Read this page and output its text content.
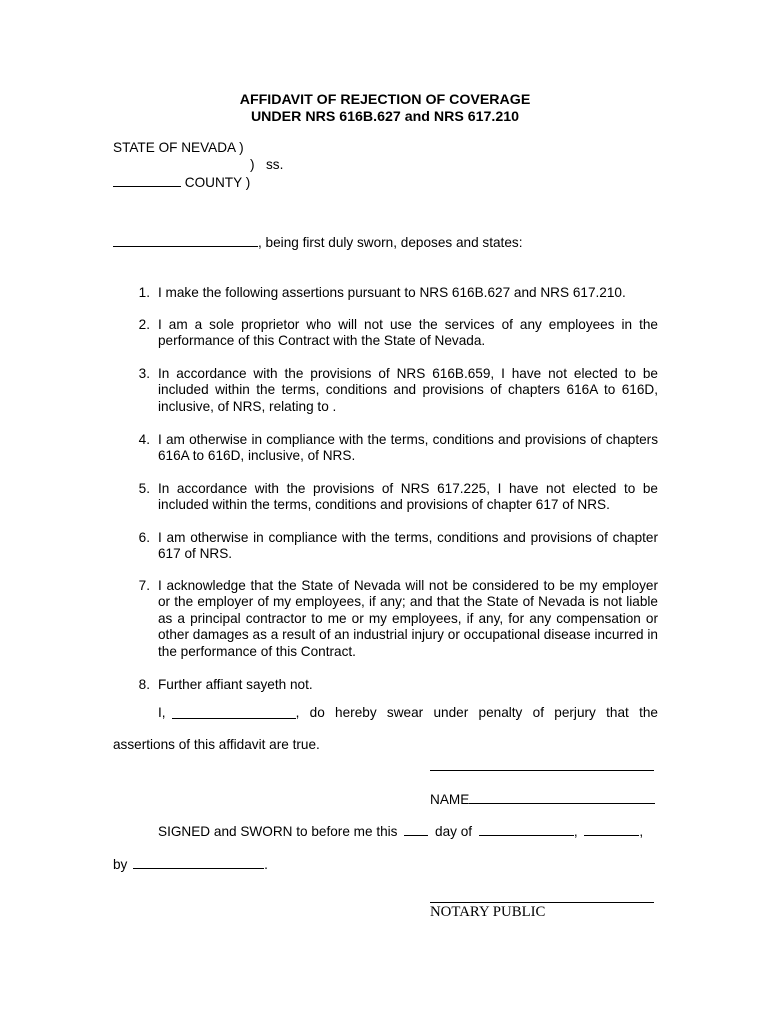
AFFIDAVIT OF REJECTION OF COVERAGE
UNDER NRS 616B.627 and NRS 617.210
STATE OF NEVADA )
) ss.
COUNTY )
, being first duly sworn, deposes and states:
1. I make the following assertions pursuant to NRS 616B.627 and NRS 617.210.
2. I am a sole proprietor who will not use the services of any employees in the performance of this Contract with the State of Nevada.
3. In accordance with the provisions of NRS 616B.659, I have not elected to be included within the terms, conditions and provisions of chapters 616A to 616D, inclusive, of NRS, relating to .
4. I am otherwise in compliance with the terms, conditions and provisions of chapters 616A to 616D, inclusive, of NRS.
5. In accordance with the provisions of NRS 617.225, I have not elected to be included within the terms, conditions and provisions of chapter 617 of NRS.
6. I am otherwise in compliance with the terms, conditions and provisions of chapter 617 of NRS.
7. I acknowledge that the State of Nevada will not be considered to be my employer or the employer of my employees, if any; and that the State of Nevada is not liable as a principal contractor to me or my employees, if any, for any compensation or other damages as a result of an industrial injury or occupational disease incurred in the performance of this Contract.
8. Further affiant sayeth not.
I,	, do hereby swear under penalty of perjury that the
assertions of this affidavit are true.
NAME
SIGNED and SWORN to before me this	day of	,	,
by	.
NOTARY PUBLIC
